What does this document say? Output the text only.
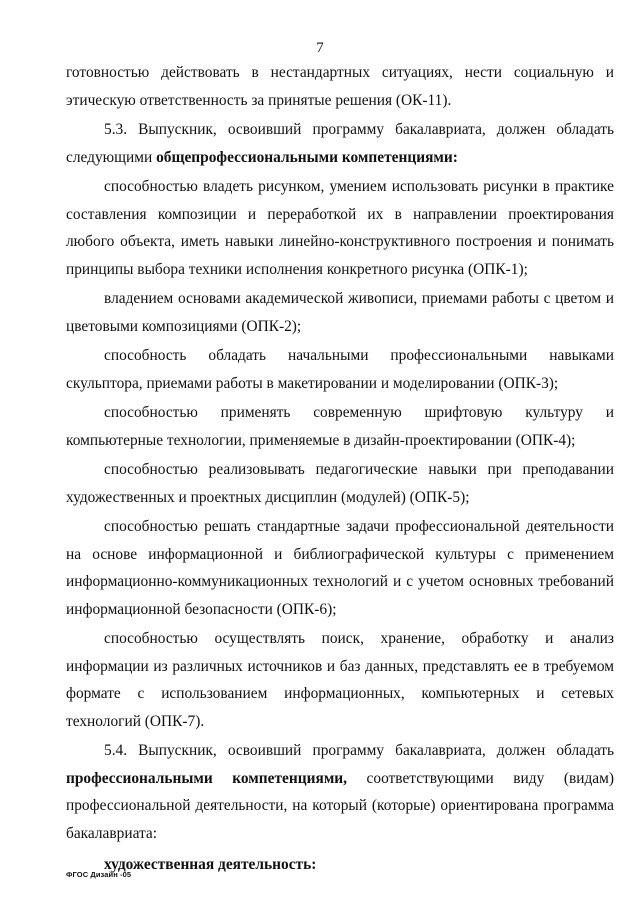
7

готовностью действовать в нестандартных ситуациях, нести социальную и этическую ответственность за принятые решения (ОК-11).

5.3. Выпускник, освоивший программу бакалавриата, должен обладать следующими общепрофессиональными компетенциями:

способностью владеть рисунком, умением использовать рисунки в практике составления композиции и переработкой их в направлении проектирования любого объекта, иметь навыки линейно-конструктивного построения и понимать принципы выбора техники исполнения конкретного рисунка (ОПК-1);

владением основами академической живописи, приемами работы с цветом и цветовыми композициями (ОПК-2);

способность обладать начальными профессиональными навыками скульптора, приемами работы в макетировании и моделировании (ОПК-3);

способностью применять современную шрифтовую культуру и компьютерные технологии, применяемые в дизайн-проектировании (ОПК-4);

способностью реализовывать педагогические навыки при преподавании художественных и проектных дисциплин (модулей) (ОПК-5);

способностью решать стандартные задачи профессиональной деятельности на основе информационной и библиографической культуры с применением информационно-коммуникационных технологий и с учетом основных требований информационной безопасности (ОПК-6);

способностью осуществлять поиск, хранение, обработку и анализ информации из различных источников и баз данных, представлять ее в требуемом формате с использованием информационных, компьютерных и сетевых технологий (ОПК-7).

5.4. Выпускник, освоивший программу бакалавриата, должен обладать профессиональными компетенциями, соответствующими виду (видам) профессиональной деятельности, на который (которые) ориентирована программа бакалавриата:

художественная деятельность:

ФГОС Дизайн -05
